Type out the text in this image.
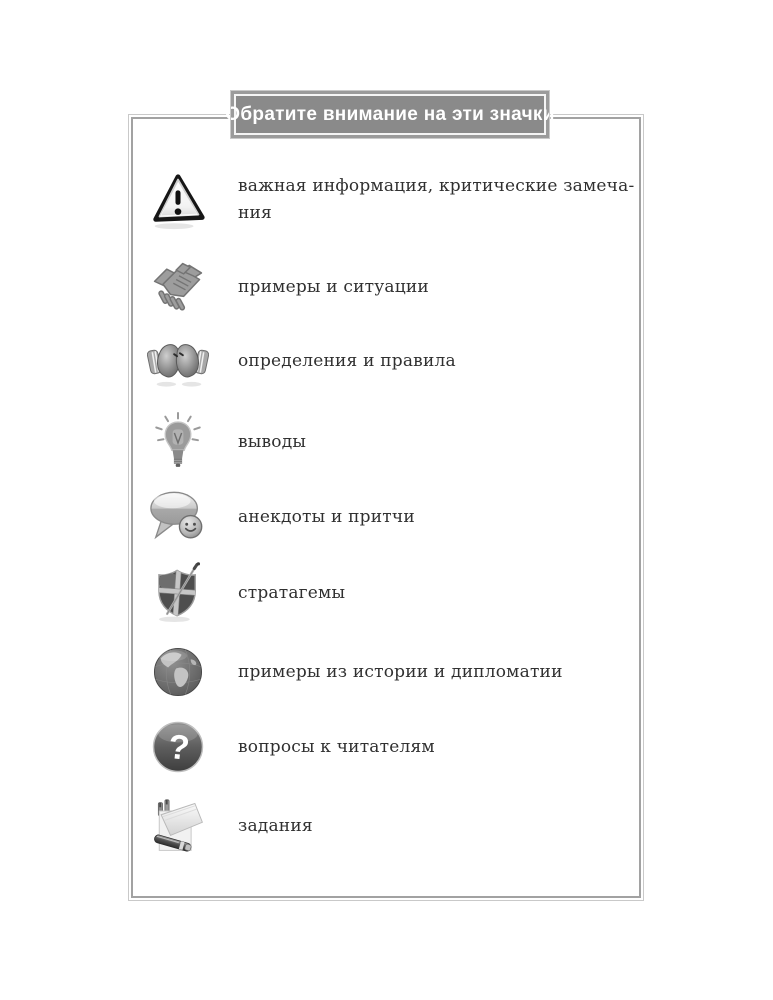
Обратите внимание на эти значки
важная информация, критические замеча-
ния
примеры и ситуации
определения и правила
выводы
анекдоты и притчи
стратагемы
примеры из истории и дипломатии
?	вопросы к читателям
задания
